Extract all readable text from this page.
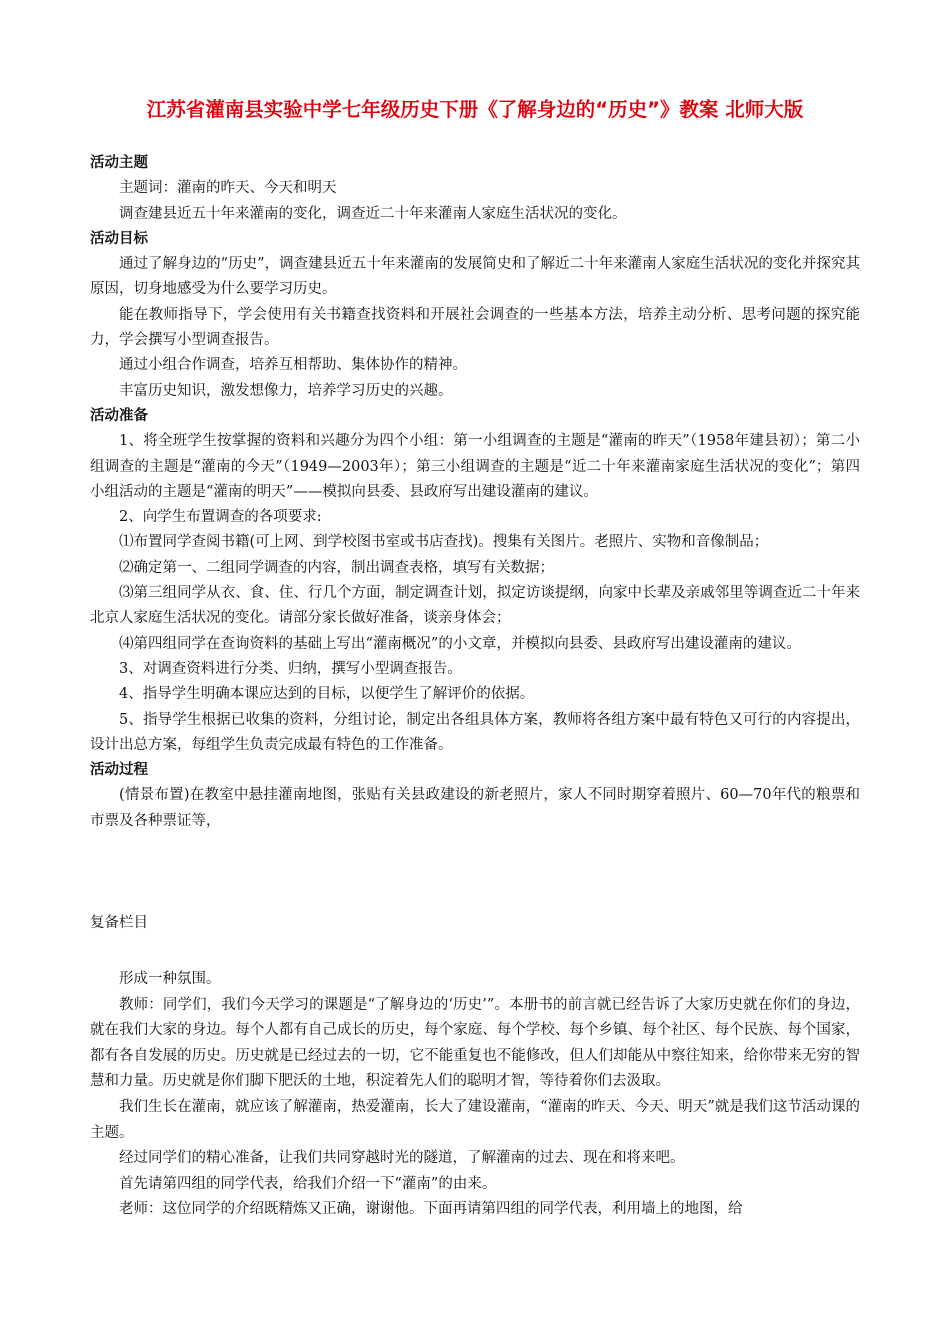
江苏省灌南县实验中学七年级历史下册《了解身边的“历史”》教案 北师大版

活动主题

主题词：灌南的昨天、今天和明天

调查建县近五十年来灌南的变化，调查近二十年来灌南人家庭生活状况的变化。

活动目标

通过了解身边的“历史”，调查建县近五十年来灌南的发展简史和了解近二十年来灌南人家庭生活状况的变化并探究其原因，切身地感受为什么要学习历史。

能在教师指导下，学会使用有关书籍查找资料和开展社会调查的一些基本方法，培养主动分析、思考问题的探究能力，学会撰写小型调查报告。

通过小组合作调查，培养互相帮助、集体协作的精神。

丰富历史知识，激发想像力，培养学习历史的兴趣。

活动准备

1、将全班学生按掌握的资料和兴趣分为四个小组：第一小组调查的主题是“灌南的昨天”（1958年建县初）；第二小组调查的主题是“灌南的今天”（1949—2003年）；第三小组调查的主题是“近二十年来灌南家庭生活状况的变化”；第四小组活动的主题是“灌南的明天”——模拟向县委、县政府写出建设灌南的建议。

2、向学生布置调查的各项要求:

⑴布置同学查阅书籍(可上网、到学校图书室或书店查找)。搜集有关图片。老照片、实物和音像制品；

⑵确定第一、二组同学调查的内容，制出调查表格，填写有关数据；

⑶第三组同学从衣、食、住、行几个方面，制定调查计划，拟定访谈提纲，向家中长辈及亲戚邻里等调查近二十年来北京人家庭生活状况的变化。请部分家长做好准备，谈亲身体会；

⑷第四组同学在查询资料的基础上写出“灌南概况”的小文章，并模拟向县委、县政府写出建设灌南的建议。

3、对调查资料进行分类、归纳，撰写小型调查报告。

4、指导学生明确本课应达到的目标，以便学生了解评价的依据。

5、指导学生根据已收集的资料，分组讨论，制定出各组具体方案，教师将各组方案中最有特色又可行的内容提出，设计出总方案，每组学生负责完成最有特色的工作准备。

活动过程

(情景布置)在教室中悬挂灌南地图，张贴有关县政建设的新老照片，家人不同时期穿着照片、60—70年代的粮票和市票及各种票证等，

复备栏目

形成一种氛围。

教师：同学们，我们今天学习的课题是“了解身边的‘历史’”。本册书的前言就已经告诉了大家历史就在你们的身边，就在我们大家的身边。每个人都有自己成长的历史，每个家庭、每个学校、每个乡镇、每个社区、每个民族、每个国家，都有各自发展的历史。历史就是已经过去的一切，它不能重复也不能修改，但人们却能从中察往知来，给你带来无穷的智慧和力量。历史就是你们脚下肥沃的土地，积淀着先人们的聪明才智，等待着你们去汲取。

我们生长在灌南，就应该了解灌南，热爱灌南，长大了建设灌南，“灌南的昨天、今天、明天”就是我们这节活动课的主题。

经过同学们的精心准备，让我们共同穿越时光的隧道，了解灌南的过去、现在和将来吧。

首先请第四组的同学代表，给我们介绍一下“灌南”的由来。

老师：这位同学的介绍既精炼又正确，谢谢他。下面再请第四组的同学代表，利用墙上的地图，给
